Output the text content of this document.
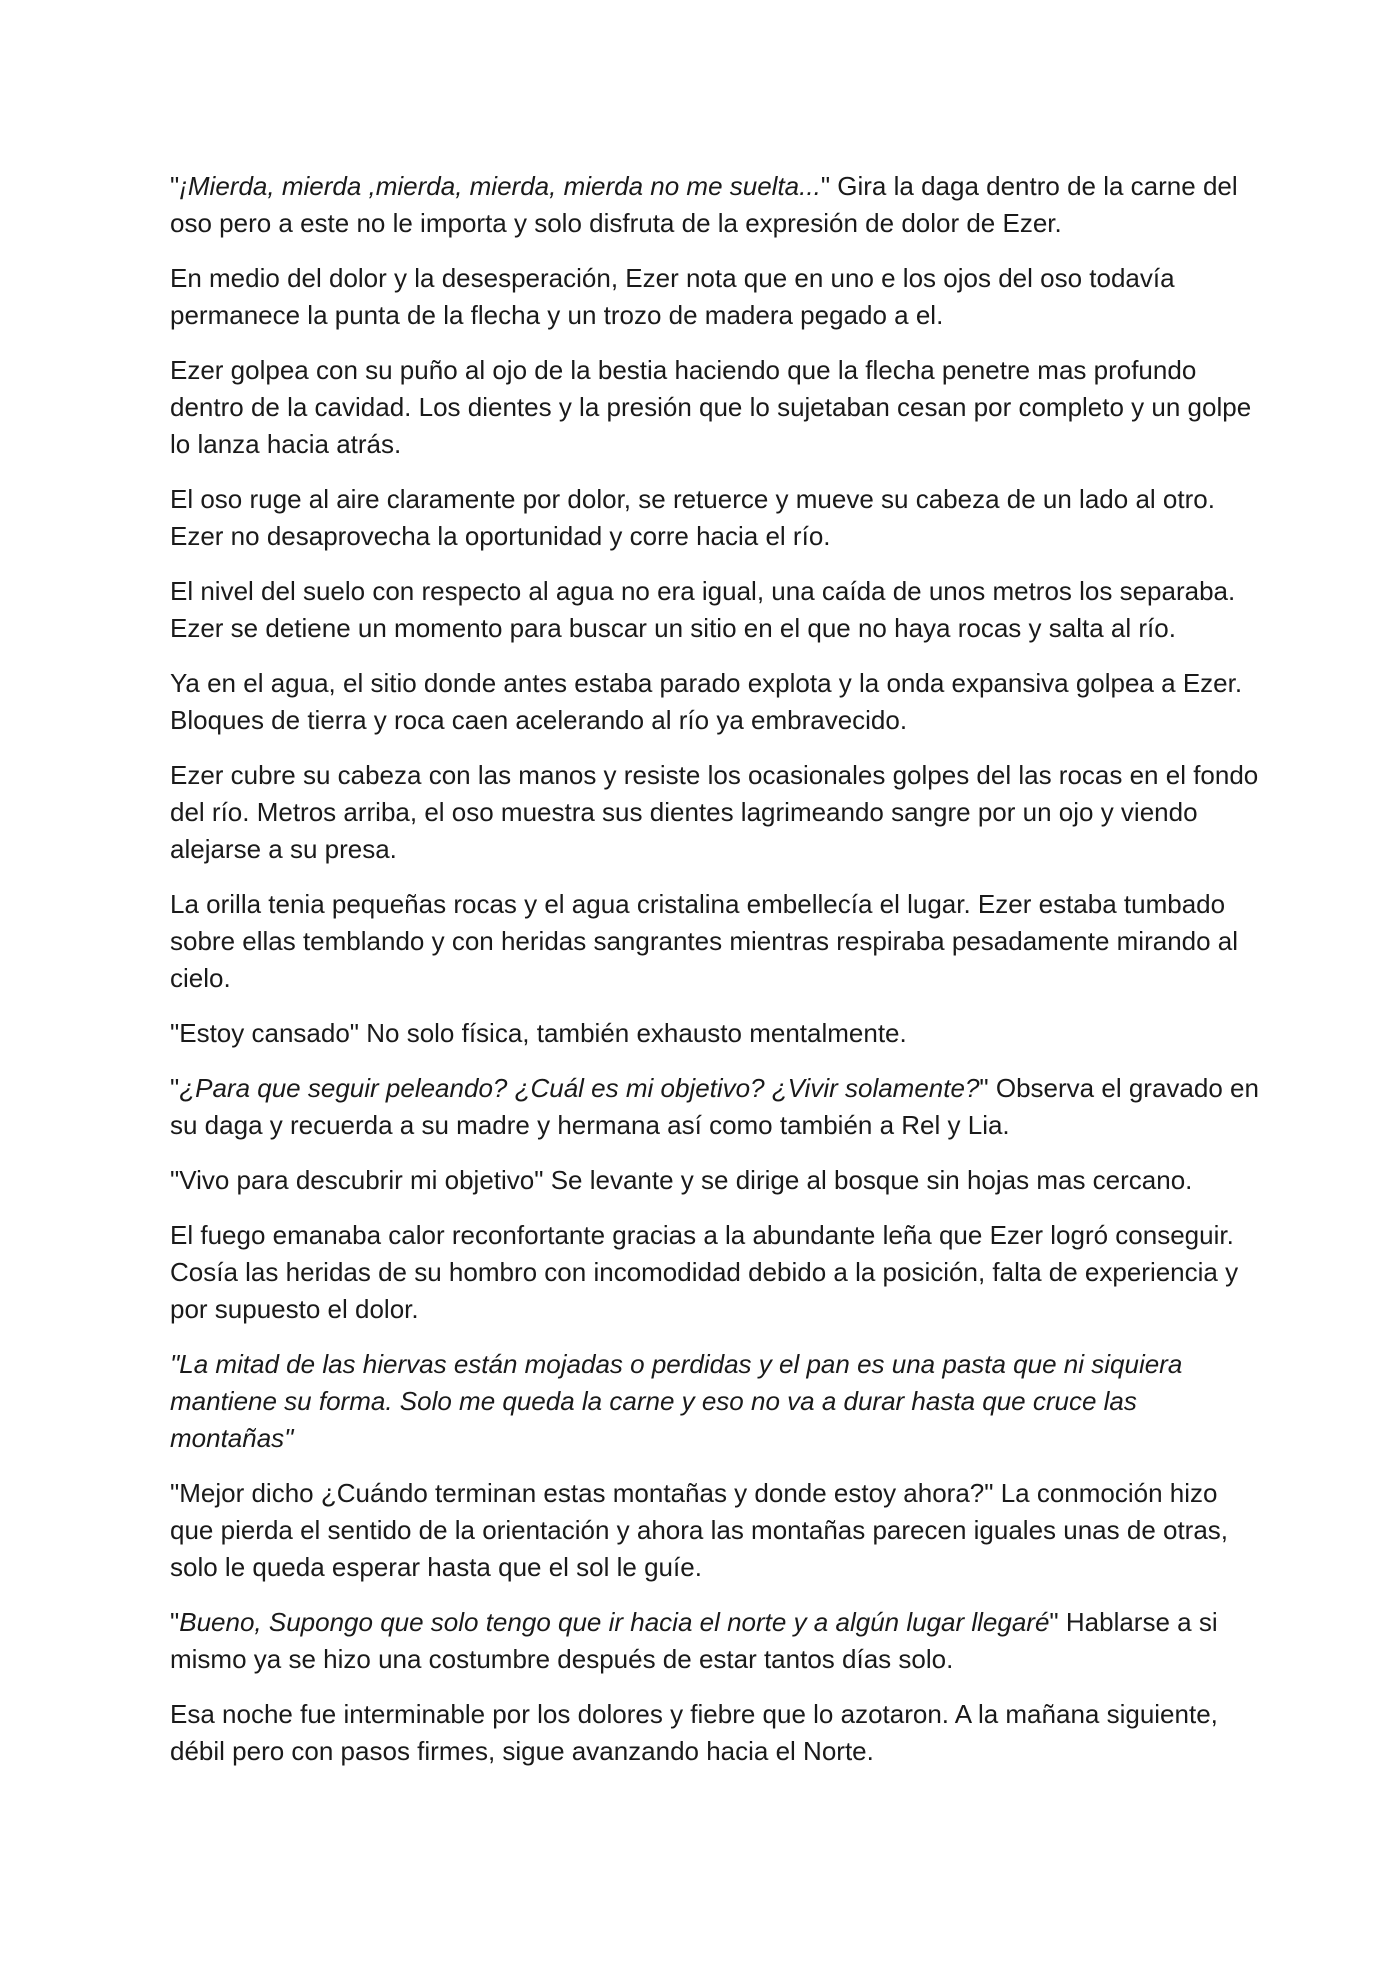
"¡Mierda, mierda ,mierda, mierda, mierda no me suelta..." Gira la daga dentro de la carne del oso pero a este no le importa y solo disfruta de la expresión de dolor de Ezer.

En medio del dolor y la desesperación, Ezer nota que en uno e los ojos del oso todavía permanece la punta de la flecha y un trozo de madera pegado a el.

Ezer golpea con su puño al ojo de la bestia haciendo que la flecha penetre mas profundo dentro de la cavidad. Los dientes y la presión que lo sujetaban cesan por completo y un golpe lo lanza hacia atrás.

El oso ruge al aire claramente por dolor, se retuerce y mueve su cabeza de un lado al otro. Ezer no desaprovecha la oportunidad y corre hacia el río.

El nivel del suelo con respecto al agua no era igual, una caída de unos metros los separaba. Ezer se detiene un momento para buscar un sitio en el que no haya rocas y salta al río.

Ya en el agua, el sitio donde antes estaba parado explota y la onda expansiva golpea a Ezer. Bloques de tierra y roca caen acelerando al río ya embravecido.

Ezer cubre su cabeza con las manos y resiste los ocasionales golpes del las rocas en el fondo del río. Metros arriba, el oso muestra sus dientes lagrimeando sangre por un ojo y viendo alejarse a su presa.

La orilla tenia pequeñas rocas y el agua cristalina embellecía el lugar. Ezer estaba tumbado sobre ellas temblando y con heridas sangrantes mientras respiraba pesadamente mirando al cielo.

"Estoy cansado" No solo física, también exhausto mentalmente.

"¿Para que seguir peleando? ¿Cuál es mi objetivo? ¿Vivir solamente?" Observa el gravado en su daga y recuerda a su madre y hermana así como también a Rel y Lia.

"Vivo para descubrir mi objetivo" Se levante y se dirige al bosque sin hojas mas cercano.

El fuego emanaba calor reconfortante gracias a la abundante leña que Ezer logró conseguir. Cosía las heridas de su hombro con incomodidad debido a la posición, falta de experiencia y por supuesto el dolor.

"La mitad de las hiervas están mojadas o perdidas y el pan es una pasta que ni siquiera mantiene su forma. Solo me queda la carne y eso no va a durar hasta que cruce las montañas"

"Mejor dicho ¿Cuándo terminan estas montañas y donde estoy ahora?" La conmoción hizo que pierda el sentido de la orientación y ahora las montañas parecen iguales unas de otras, solo le queda esperar hasta que el sol le guíe.

"Bueno, Supongo que solo tengo que ir hacia el norte y a algún lugar llegaré" Hablarse a si mismo ya se hizo una costumbre después de estar tantos días solo.

Esa noche fue interminable por los dolores y fiebre que lo azotaron. A la mañana siguiente, débil pero con pasos firmes, sigue avanzando hacia el Norte.
